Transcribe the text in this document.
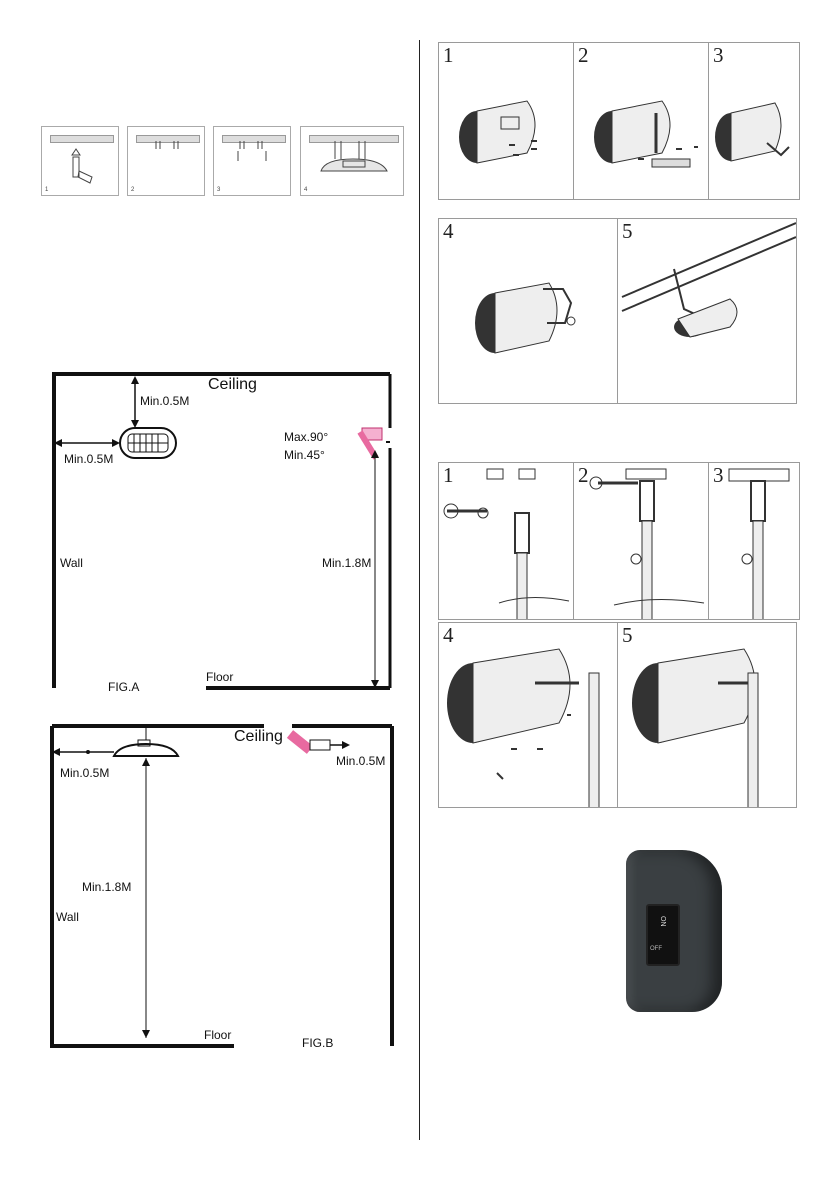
1	2	3	4
Ceiling
Min.0.5M
Min.0.5M
Max.90°
Min.45°
Wall	Min.1.8M
Floor
FIG.A
Ceiling
Min.0.5M
Min.0.5M
Min.1.8M
Wall
Floor
FIG.B
1	2	3
4	5
1	2	3
4	5
ON
OFF
